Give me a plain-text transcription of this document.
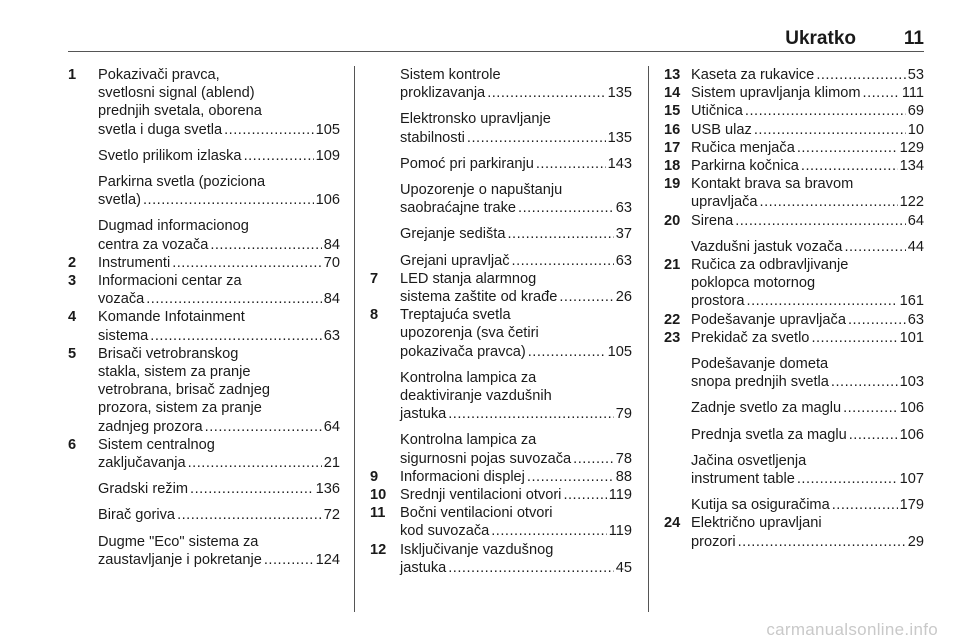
Ukratko	11
1 Pokazivači pravca,
svetlosni signal (ablend)
prednjih svetala, oborena
svetla i duga svetla .....	105
Svetlo prilikom izlaska .....	109
Parkirna svetla (poziciona
svetla) .....	106
Dugmad informacionog
centra za vozača .....	84
2 Instrumenti .....	70
3 Informacioni centar za
vozača .....	84
4 Komande Infotainment
sistema .....	63
5 Brisači vetrobranskog
stakla, sistem za pranje
vetrobrana, brisač zadnjeg
prozora, sistem za pranje
zadnjeg prozora .....	64
6 Sistem centralnog
zaključavanja .....	21
Gradski režim .....	136
Birač goriva .....	72
Dugme "Eco" sistema za
zaustavljanje i pokretanje .....	124
Sistem kontrole
proklizavanja .....	135
Elektronsko upravljanje
stabilnosti .....	135
Pomoć pri parkiranju .....	143
Upozorenje o napuštanju
saobraćajne trake .....	63
Grejanje sedišta .....	37
Grejani upravljač .....	63
7 LED stanja alarmnog
sistema zaštite od krađe .....	26
8 Treptajuća svetla
upozorenja (sva četiri
pokazivača pravca) .....	105
Kontrolna lampica za
deaktiviranje vazdušnih
jastuka .....	79
Kontrolna lampica za
sigurnosni pojas suvozača .....	78
9 Informacioni displej .....	88
10 Srednji ventilacioni otvori .....	119
11 Bočni ventilacioni otvori
kod suvozača .....	119
12 Isključivanje vazdušnog
jastuka .....	45
13 Kaseta za rukavice .....	53
14 Sistem upravljanja klimom .....	111
15 Utičnica .....	69
16 USB ulaz .....	10
17 Ručica menjača .....	129
18 Parkirna kočnica .....	134
19 Kontakt brava sa bravom
upravljača .....	122
20 Sirena .....	64
Vazdušni jastuk vozača .....	44
21 Ručica za odbravljivanje
poklopca motornog
prostora .....	161
22 Podešavanje upravljača .....	63
23 Prekidač za svetlo .....	101
Podešavanje dometa
snopa prednjih svetla .....	103
Zadnje svetlo za maglu .....	106
Prednja svetla za maglu .....	106
Jačina osvetljenja
instrument table .....	107
Kutija sa osiguračima .....	179
24 Električno upravljani
prozori .....	29
carmanualsonline.info
